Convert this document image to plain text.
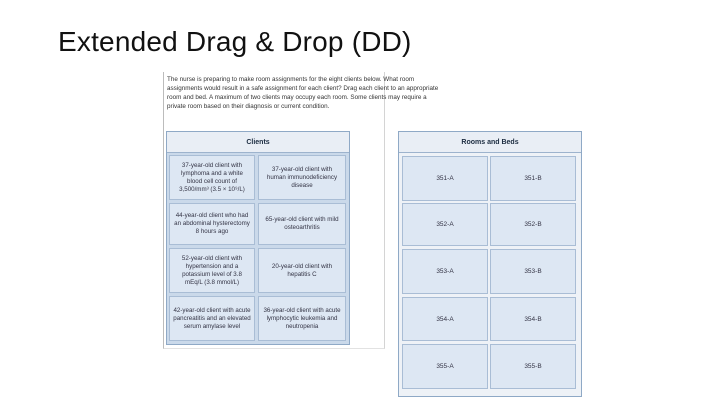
Extended Drag & Drop (DD)
The nurse is preparing to make room assignments for the eight clients below. What room assignments would result in a safe assignment for each client? Drag each client to an appropriate room and bed. A maximum of two clients may occupy each room. Some clients may require a private room based on their diagnosis or current condition.
Clients
37-year-old client with lymphoma and a white blood cell count of 3,500/mm³ (3.5 × 10⁹/L)
37-year-old client with human immunodeficiency disease
44-year-old client who had an abdominal hysterectomy 8 hours ago
65-year-old client with mild osteoarthritis
52-year-old client with hypertension and a potassium level of 3.8 mEq/L (3.8 mmol/L)
20-year-old client with hepatitis C
42-year-old client with acute pancreatitis and an elevated serum amylase level
36-year-old client with acute lymphocytic leukemia and neutropenia
Rooms and Beds
351-A	351-B
352-A	352-B
353-A	353-B
354-A	354-B
355-A	355-B
